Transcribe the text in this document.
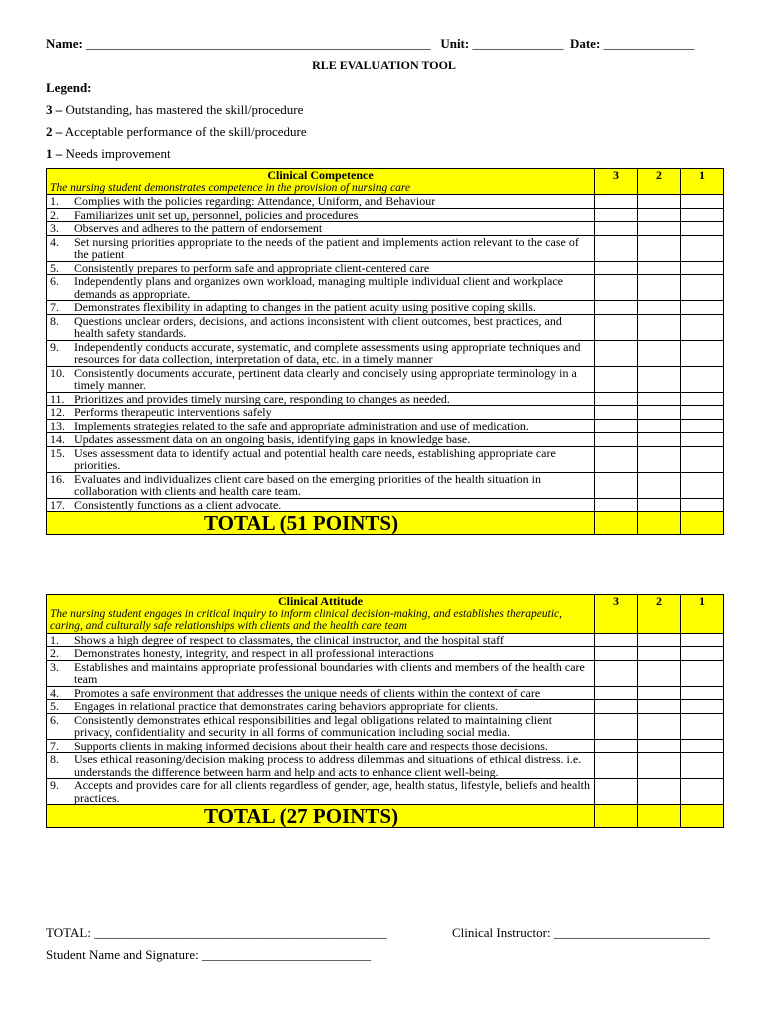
Name: _____________________________________________________ Unit: ______________ Date: ______________
RLE EVALUATION TOOL
Legend:
3 – Outstanding, has mastered the skill/procedure
2 – Acceptable performance of the skill/procedure
1 – Needs improvement
Clinical Competence
The nursing student demonstrates competence in the provision of nursing care	3	2	1

1. Complies with the policies regarding: Attendance, Uniform, and Behaviour			

2. Familiarizes unit set up, personnel, policies and procedures			

3. Observes and adheres to the pattern of endorsement			

4. Set nursing priorities appropriate to the needs of the patient and implements action relevant to the case of the patient			

5. Consistently prepares to perform safe and appropriate client-centered care			

6. Independently plans and organizes own workload, managing multiple individual client and workplace demands as appropriate.			

7. Demonstrates flexibility in adapting to changes in the patient acuity using positive coping skills.			

8. Questions unclear orders, decisions, and actions inconsistent with client outcomes, best practices, and health safety standards.			

9. Independently conducts accurate, systematic, and complete assessments using appropriate techniques and resources for data collection, interpretation of data, etc. in a timely manner			

10. Consistently documents accurate, pertinent data clearly and concisely using appropriate terminology in a timely manner.			

11. Prioritizes and provides timely nursing care, responding to changes as needed.			

12. Performs therapeutic interventions safely			

13. Implements strategies related to the safe and appropriate administration and use of medication.			

14. Updates assessment data on an ongoing basis, identifying gaps in knowledge base.			

15. Uses assessment data to identify actual and potential health care needs, establishing appropriate care priorities.			

16. Evaluates and individualizes client care based on the emerging priorities of the health situation in collaboration with clients and health care team.			

17. Consistently functions as a client advocate.			

TOTAL (51 POINTS)			
Clinical Attitude
The nursing student engages in critical inquiry to inform clinical decision-making, and establishes therapeutic, caring, and culturally safe relationships with clients and the health care team	3	2	1

1. Shows a high degree of respect to classmates, the clinical instructor, and the hospital staff			

2. Demonstrates honesty, integrity, and respect in all professional interactions			

3. Establishes and maintains appropriate professional boundaries with clients and members of the health care team			

4. Promotes a safe environment that addresses the unique needs of clients within the context of care			

5. Engages in relational practice that demonstrates caring behaviors appropriate for clients.			

6. Consistently demonstrates ethical responsibilities and legal obligations related to maintaining client privacy, confidentiality and security in all forms of communication including social media.			

7. Supports clients in making informed decisions about their health care and respects those decisions.			

8. Uses ethical reasoning/decision making process to address dilemmas and situations of ethical distress. i.e. understands the difference between harm and help and acts to enhance client well-being.			

9. Accepts and provides care for all clients regardless of gender, age, health status, lifestyle, beliefs and health practices.			

TOTAL (27 POINTS)			
TOTAL: _____________________________________________	Clinical Instructor: ________________________
Student Name and Signature: __________________________
